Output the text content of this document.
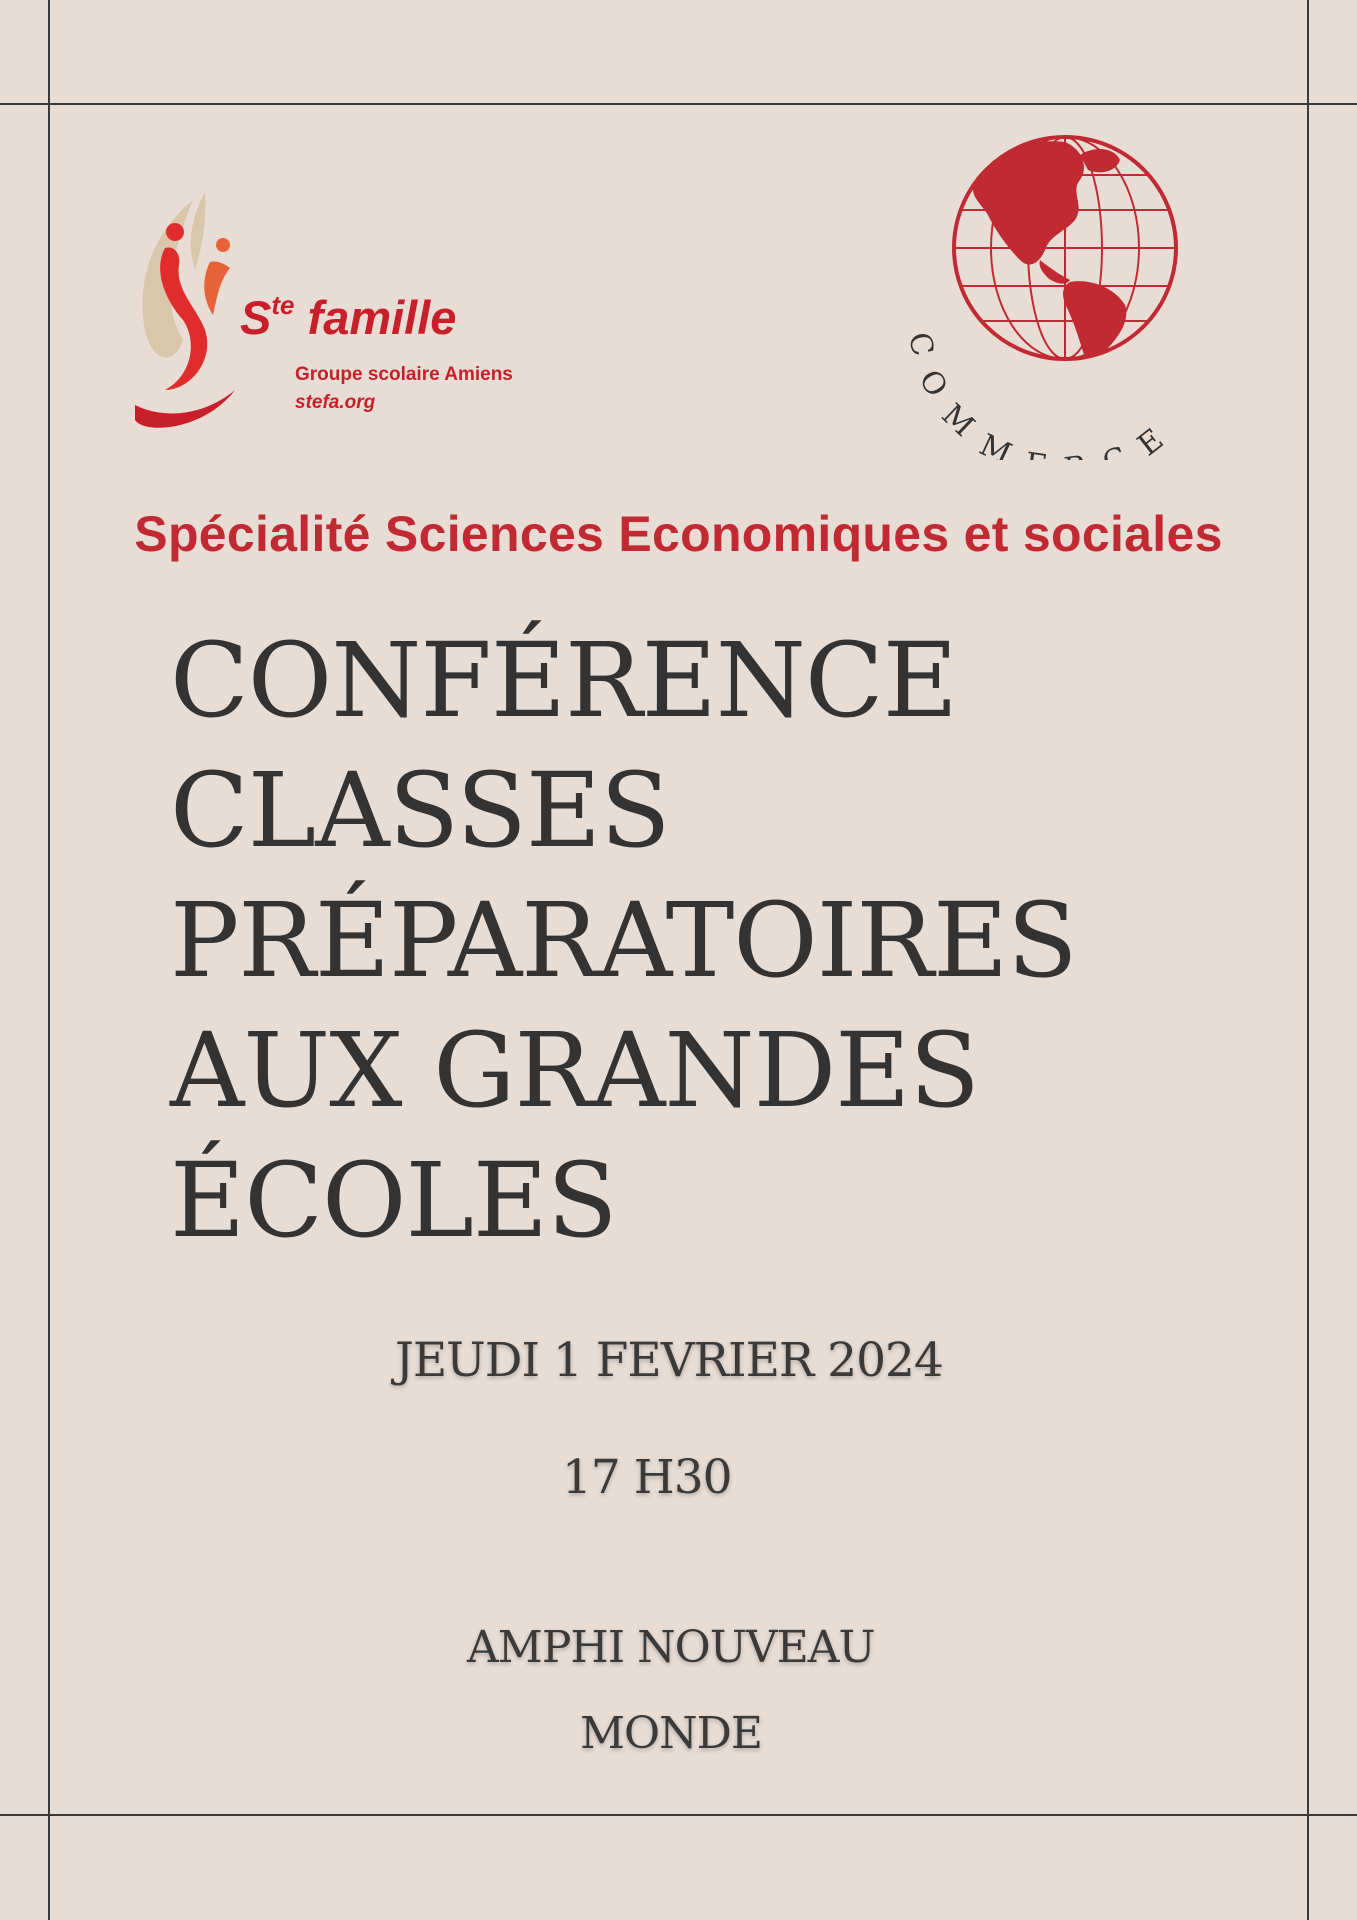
$S^{te}$ famille
Groupe scolaire Amiens
stefa.org
COMM CE
Spécialité Sciences Economiques et sociales
CONFÉRENCE
CLASSES
PRÉPARATOIRES
AUX GRANDES
ÉCOLES
JEUDI 1 FEVRIER 2024
17 H30
AMPHI NOUVEAU
MONDE
